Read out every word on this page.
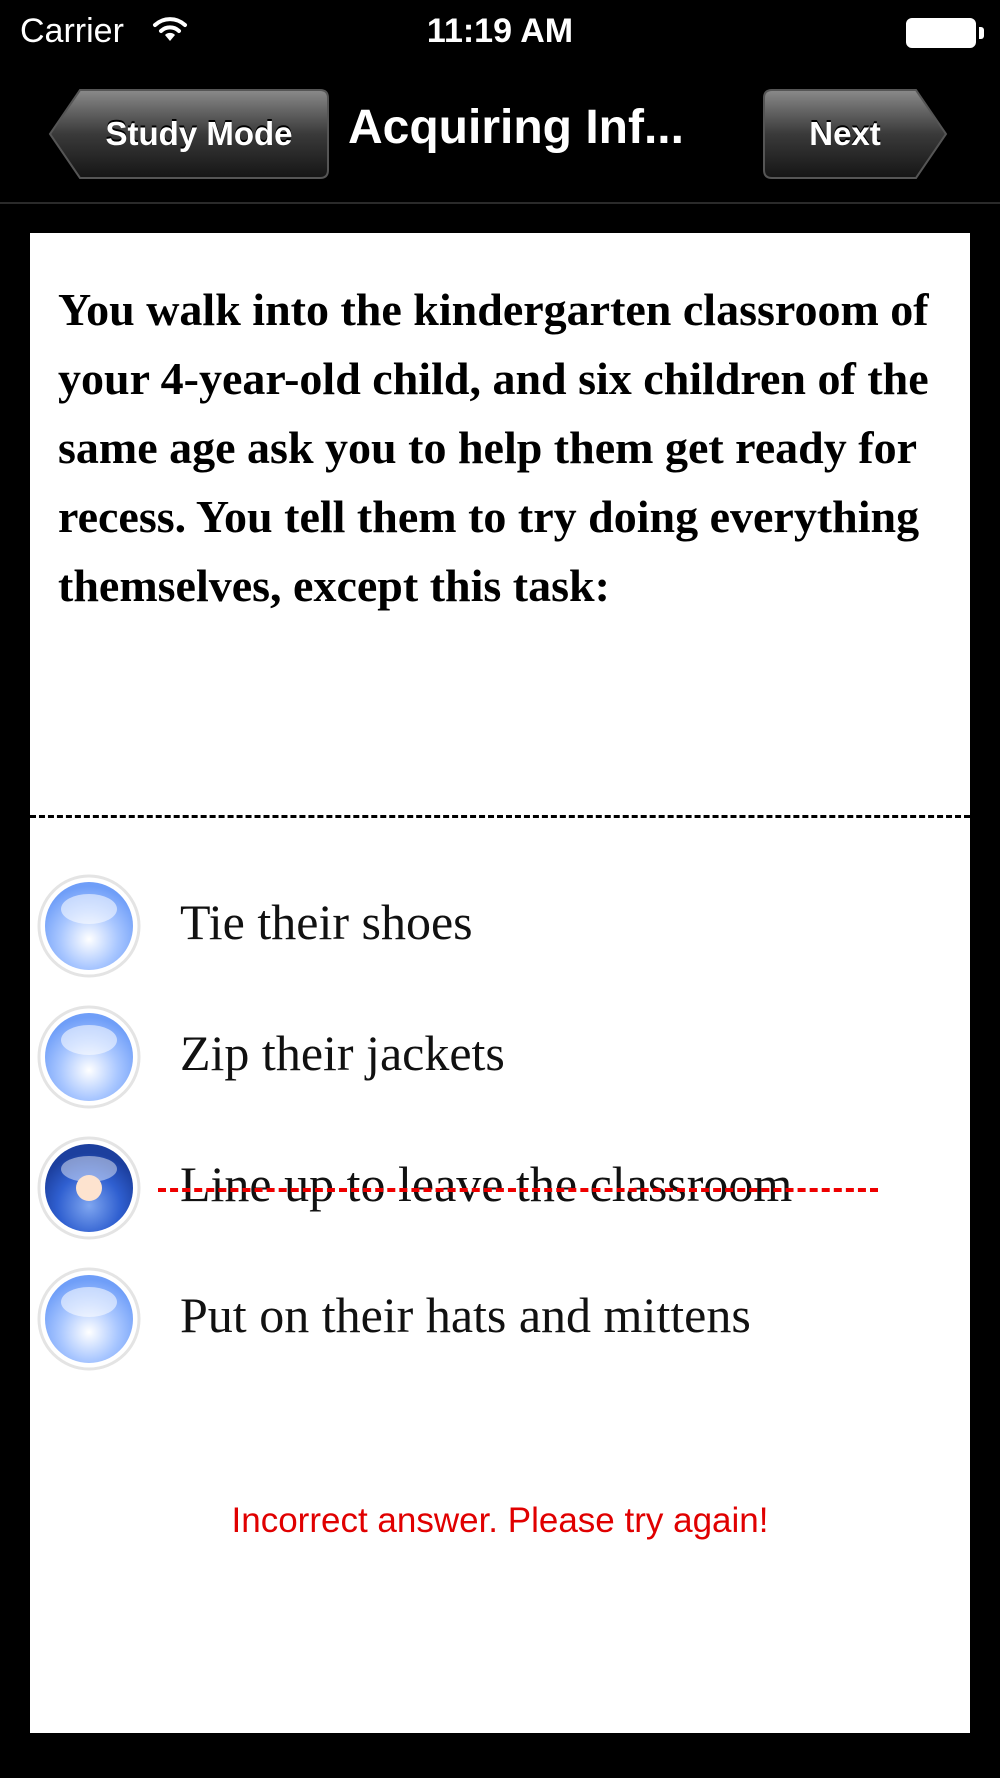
Carrier	11:19 AM
Study Mode	Acquiring Inf...	Next

You walk into the kindergarten classroom of your 4-year-old child, and six children of the same age ask you to help them get ready for recess. You tell them to try doing everything themselves, except this task:

Tie their shoes
Zip their jackets
Line up to leave the classroom
Put on their hats and mittens
Incorrect answer. Please try again!
